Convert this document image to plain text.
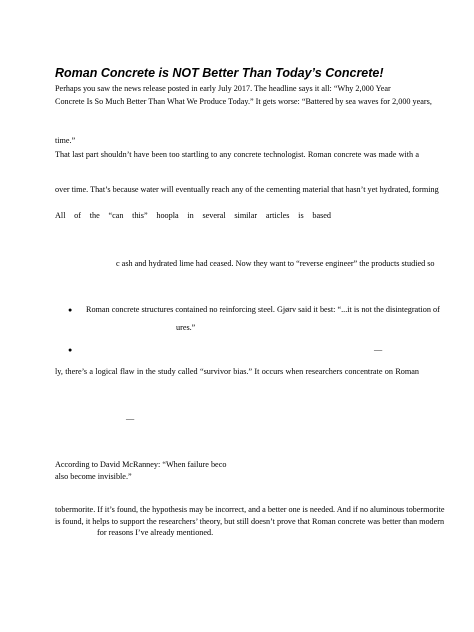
Roman Concrete is NOT Better Than Today’s Concrete!
Perhaps you saw the news release posted in early July 2017. The headline says it all: “Why 2,000 Year
Concrete Is So Much Better Than What We Produce Today.” It gets worse: “Battered by sea waves for 2,000 years,
time.”
That last part shouldn’t have been too startling to any concrete technologist. Roman concrete was made with a
over time. That’s because water will eventually reach any of the cementing material that hasn’t yet hydrated, forming
All of the “can this” hoopla in several similar articles is based
c ash and hydrated lime had ceased. Now they want to “reverse engineer” the products studied so
● Roman concrete structures contained no reinforcing steel. Gjørv said it best: “...it is not the disintegration of
ures.”
●	—
ly, there’s a logical flaw in the study called “survivor bias.” It occurs when researchers concentrate on Roman
—
According to David McRanney: “When failure beco
also become invisible.”
tobermorite. If it’s found, the hypothesis may be incorrect, and a better one is needed. And if no aluminous tobermorite
is found, it helps to support the researchers’ theory, but still doesn’t prove that Roman concrete was better than modern
for reasons I’ve already mentioned.
